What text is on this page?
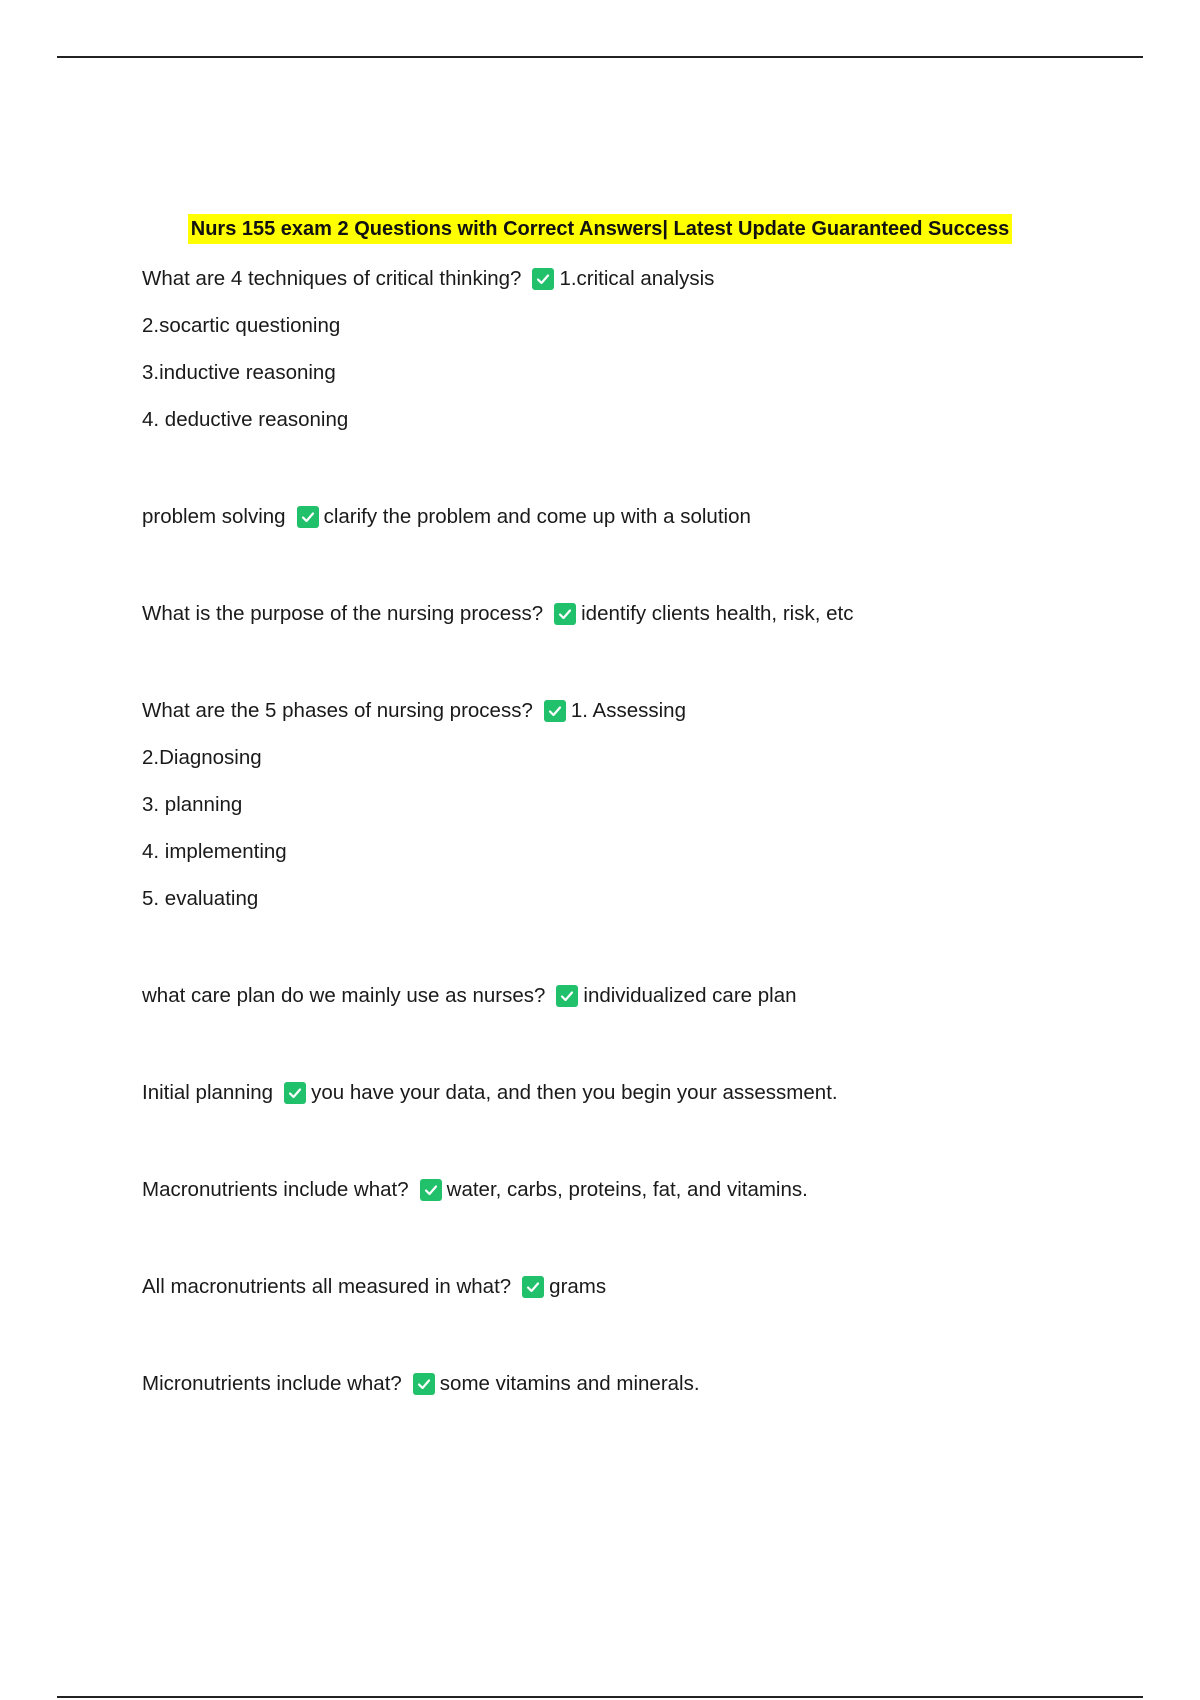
Nurs 155 exam 2 Questions with Correct Answers| Latest Update Guaranteed Success
What are 4 techniques of critical thinking? 1.critical analysis
2.socartic questioning
3.inductive reasoning
4. deductive reasoning
problem solving clarify the problem and come up with a solution
What is the purpose of the nursing process? identify clients health, risk, etc
What are the 5 phases of nursing process? 1. Assessing
2.Diagnosing
3. planning
4. implementing
5. evaluating
what care plan do we mainly use as nurses? individualized care plan
Initial planning you have your data, and then you begin your assessment.
Macronutrients include what? water, carbs, proteins, fat, and vitamins.
All macronutrients all measured in what? grams
Micronutrients include what? some vitamins and minerals.
